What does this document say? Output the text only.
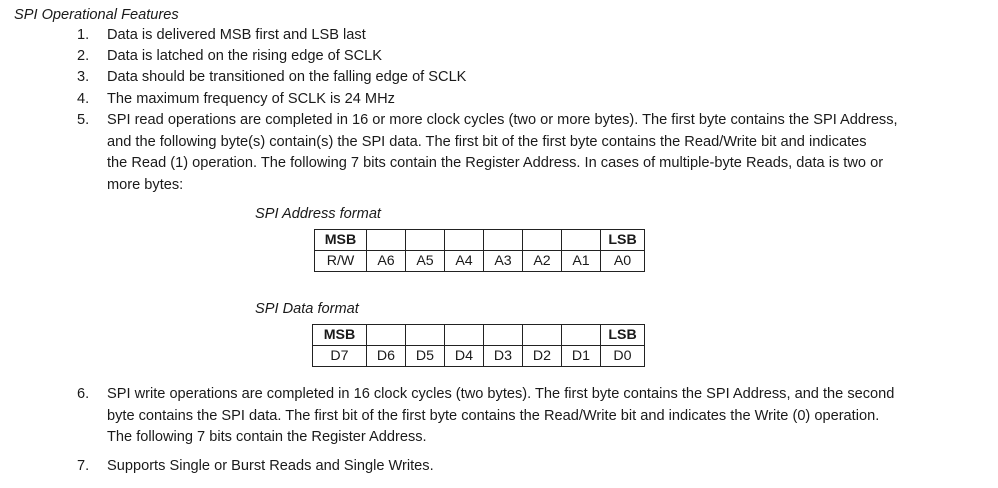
SPI Operational Features
1.	Data is delivered MSB first and LSB last
2.	Data is latched on the rising edge of SCLK
3.	Data should be transitioned on the falling edge of SCLK
4.	The maximum frequency of SCLK is 24 MHz
5.	SPI read operations are completed in 16 or more clock cycles (two or more bytes). The first byte contains the SPI Address,
and the following byte(s) contain(s) the SPI data. The first bit of the first byte contains the Read/Write bit and indicates
the Read (1) operation. The following 7 bits contain the Register Address. In cases of multiple-byte Reads, data is two or
more bytes:
SPI Address format
MSB							LSB
R/W	A6	A5	A4	A3	A2	A1	A0
SPI Data format
MSB							LSB
D7	D6	D5	D4	D3	D2	D1	D0
6.	SPI write operations are completed in 16 clock cycles (two bytes). The first byte contains the SPI Address, and the second
byte contains the SPI data. The first bit of the first byte contains the Read/Write bit and indicates the Write (0) operation.
The following 7 bits contain the Register Address.
7.	Supports Single or Burst Reads and Single Writes.
